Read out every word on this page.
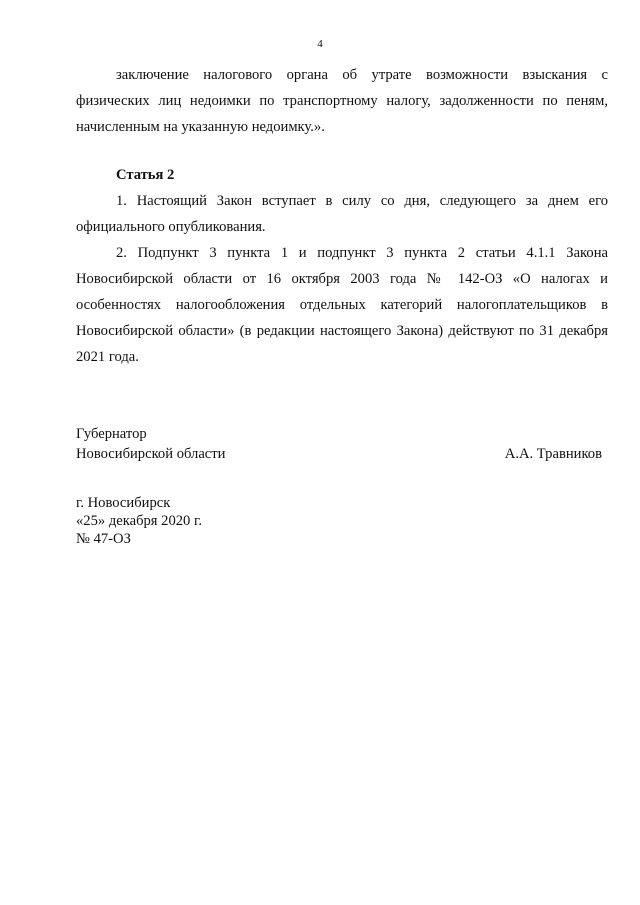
4

заключение налогового органа об утрате возможности взыскания с физических лиц недоимки по транспортному налогу, задолженности по пеням, начисленным на указанную недоимку.».

Статья 2

1. Настоящий Закон вступает в силу со дня, следующего за днем его официального опубликования.

2. Подпункт 3 пункта 1 и подпункт 3 пункта 2 статьи 4.1.1 Закона Новосибирской области от 16 октября 2003 года № 142-ОЗ «О налогах и особенностях налогообложения отдельных категорий налогоплательщиков в Новосибирской области» (в редакции настоящего Закона) действуют по 31 декабря 2021 года.

Губернатор
Новосибирской области	А.А. Травников
г. Новосибирск
«25» декабря 2020 г.
№ 47-ОЗ
